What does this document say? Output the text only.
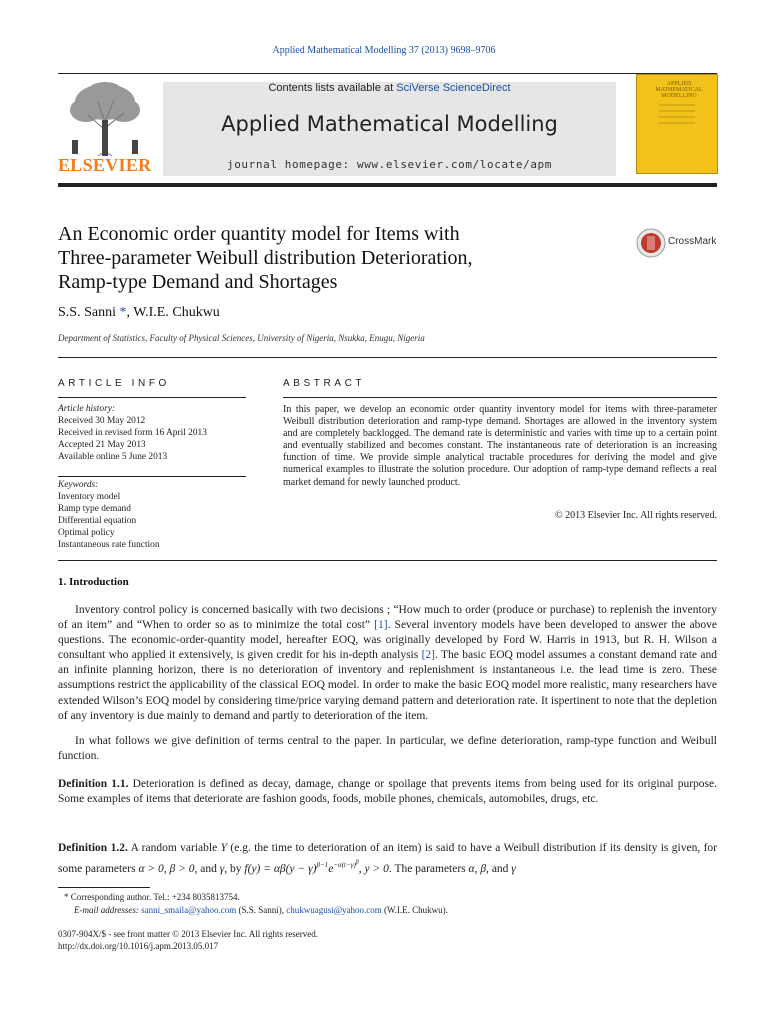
Applied Mathematical Modelling 37 (2013) 9698–9706
ELSEVIER
Contents lists available at SciVerse ScienceDirect
Applied Mathematical Modelling
journal homepage: www.elsevier.com/locate/apm
APPLIED MATHEMATICAL MODELLING
An Economic order quantity model for Items with
Three-parameter Weibull distribution Deterioration,
Ramp-type Demand and Shortages
CrossMark
S.S. Sanni *, W.I.E. Chukwu
Department of Statistics, Faculty of Physical Sciences, University of Nigeria, Nsukka, Enugu, Nigeria
ARTICLE INFO
Article history:
Received 30 May 2012
Received in revised form 16 April 2013
Accepted 21 May 2013
Available online 5 June 2013
Keywords:
Inventory model
Ramp type demand
Differential equation
Optimal policy
Instantaneous rate function
ABSTRACT
In this paper, we develop an economic order quantity inventory model for items with three-parameter Weibull distribution deterioration and ramp-type demand. Shortages are allowed in the inventory system and are completely backlogged. The demand rate is deterministic and varies with time up to a certain point and eventually stabilized and becomes constant. The instantaneous rate of deterioration is an increasing function of time. We provide simple analytical tractable procedures for deriving the model and give numerical examples to illustrate the solution procedure. Our adoption of ramp-type demand reflects a real market demand for newly launched product.
© 2013 Elsevier Inc. All rights reserved.
1. Introduction
Inventory control policy is concerned basically with two decisions ; “How much to order (produce or purchase) to replenish the inventory of an item” and “When to order so as to minimize the total cost” [1]. Several inventory models have been developed to answer the above questions. The economic-order-quantity model, hereafter EOQ, was originally developed by Ford W. Harris in 1913, but R. H. Wilson a consultant who applied it extensively, is given credit for his in-depth analysis [2]. The basic EOQ model assumes a constant demand rate and an infinite planning horizon, there is no deterioration of inventory and replenishment is instantaneous i.e. the lead time is zero. These assumptions restrict the applicability of the classical EOQ model. In order to make the basic EOQ model more realistic, many researchers have extended Wilson’s EOQ model by considering time/price varying demand pattern and deterioration rate. It ispertinent to note that the depletion of any inventory is due mainly to demand and partly to deterioration of the item.
In what follows we give definition of terms central to the paper. In particular, we define deterioration, ramp-type function and Weibull function.
Definition 1.1. Deterioration is defined as decay, damage, change or spoilage that prevents items from being used for its original purpose. Some examples of items that deteriorate are fashion goods, foods, mobile phones, chemicals, automobiles, drugs, etc.
Definition 1.2. A random variable Y (e.g. the time to deterioration of an item) is said to have a Weibull distribution if its density is given, for some parameters α > 0, β > 0, and γ, by $f(y) = \alpha\beta(y - \gamma)^{\beta-1}e^{-\alpha(t-\gamma)^\beta}$, y > 0. The parameters α, β, and γ
* Corresponding author. Tel.: +234 8035813754.
E-mail addresses: sanni_smaila@yahoo.com (S.S. Sanni), chukwuagusi@yahoo.com (W.I.E. Chukwu).
0307-904X/$ - see front matter © 2013 Elsevier Inc. All rights reserved.
http://dx.doi.org/10.1016/j.apm.2013.05.017
